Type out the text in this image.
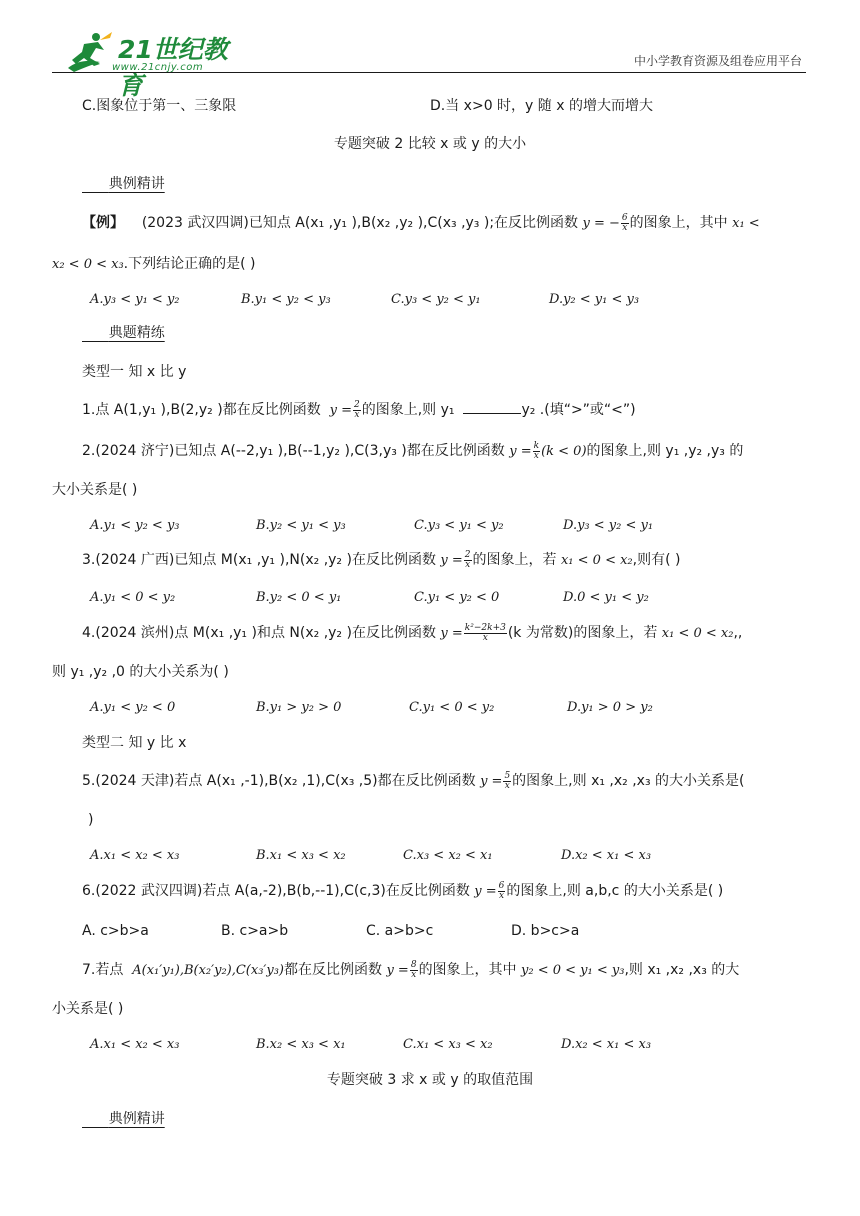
21世纪教育
www.21cnjy.com	中小学教育资源及组卷应用平台
C.图象位于第一、三象限	D.当 x>0 时，y 随 x 的增大而增大
专题突破 2 比较 x 或 y 的大小
典例精讲
【例】 (2023 武汉四调)已知点 A(x₁ ,y₁ ),B(x₂ ,y₂ ),C(x₃ ,y₃ );在反比例函数 y = − $\frac{6}{x}$ 的图象上，其中 x₁ <
x₂ < 0 < x₃.下列结论正确的是( )
A.y₃ < y₁ < y₂	B.y₁ < y₂ < y₃	C.y₃ < y₂ < y₁	D.y₂ < y₁ < y₃
典题精练
类型一 知 x 比 y
1.点 A(1,y₁ ),B(2,y₂ )都在反比例函数 $y = \frac{2}{x}$ 的图象上,则 y₁	y₂ .(填“>”或“<”)
2.(2024 济宁)已知点 A(--2,y₁ ),B(--1,y₂ ),C(3,y₃ )都在反比例函数 $y = \frac{k}{x} (k < 0)$的图象上,则 y₁ ,y₂ ,y₃ 的
大小关系是( )
A.y₁ < y₂ < y₃	B.y₂ < y₁ < y₃	C.y₃ < y₁ < y₂	D.y₃ < y₂ < y₁
3.(2024 广西)已知点 M(x₁ ,y₁ ),N(x₂ ,y₂ )在反比例函数 $y = \frac{2}{x}$ 的图象上，若 x₁ < 0 < x₂,则有( )
A.y₁ < 0 < y₂	B.y₂ < 0 < y₁	C.y₁ < y₂ < 0	D.0 < y₁ < y₂
4.(2024 滨州)点 M(x₁ ,y₁ )和点 N(x₂ ,y₂ )在反比例函数 $y = \frac{\text{k²−2k+3}}{x} (k$ 为常数)的图象上，若 x₁ < 0 < x₂,,
则 y₁ ,y₂ ,0 的大小关系为( )
A.y₁ < y₂ < 0	B.y₁ > y₂ > 0	C.y₁ < 0 < y₂	D.y₁ > 0 > y₂
类型二 知 y 比 x
5.(2024 天津)若点 A(x₁ ,-1),B(x₂ ,1),C(x₃ ,5)都在反比例函数 $y = \frac{5}{x}$ 的图象上,则 x₁ ,x₂ ,x₃ 的大小关系是(
)
A.x₁ < x₂ < x₃	B.x₁ < x₃ < x₂	C.x₃ < x₂ < x₁	D.x₂ < x₁ < x₃
6.(2022 武汉四调)若点 A(a,-2),B(b,--1),C(c,3)在反比例函数 $y = \frac{6}{x}$ 的图象上,则 a,b,c 的大小关系是( )
A. c>b>a	B. c>a>b	C. a>b>c	D. b>c>a
7.若点 A(x₁′y₁),B(x₂′y₂),C(x₃′y₃)都在反比例函数 $y = \frac{8}{x}$ 的图象上，其中 y₂ < 0 < y₁ < y₃,则 x₁ ,x₂ ,x₃ 的大
小关系是( )
A.x₁ < x₂ < x₃	B.x₂ < x₃ < x₁	C.x₁ < x₃ < x₂	D.x₂ < x₁ < x₃
专题突破 3 求 x 或 y 的取值范围
典例精讲
